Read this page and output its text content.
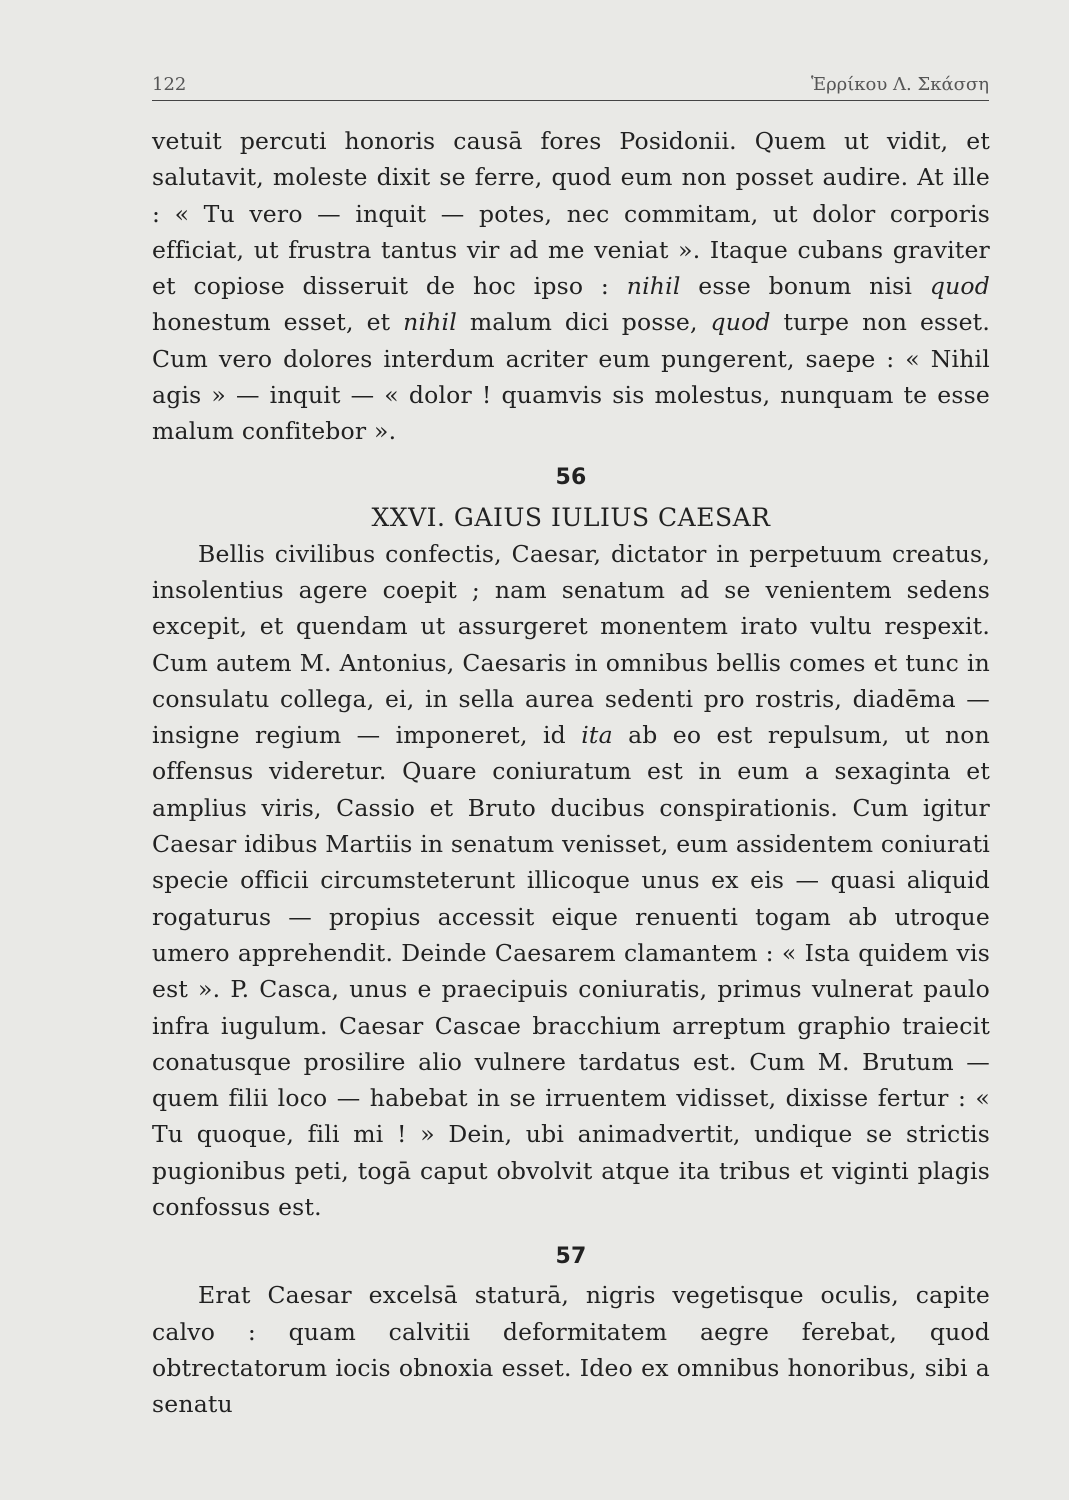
122	Ἑρρίκου Λ. Σκάσση

vetuit percuti honoris causā fores Posidonii. Quem ut vidit, et salutavit, moleste dixit se ferre, quod eum non posset audire. At ille : « Tu vero — inquit — potes, nec commitam, ut dolor corporis efficiat, ut frustra tantus vir ad me veniat ». Itaque cubans graviter et copiose disseruit de hoc ipso : nihil esse bonum nisi quod honestum esset, et nihil malum dici posse, quod turpe non esset. Cum vero dolores interdum acriter eum pungerent, saepe : « Nihil agis » — inquit — « dolor ! quamvis sis molestus, nunquam te esse malum confitebor ».

56
XXVI. GAIUS IULIUS CAESAR

Bellis civilibus confectis, Caesar, dictator in perpetuum creatus, insolentius agere coepit ; nam senatum ad se venientem sedens excepit, et quendam ut assurgeret monentem irato vultu respexit. Cum autem M. Antonius, Caesaris in omnibus bellis comes et tunc in consulatu collega, ei, in sella aurea sedenti pro rostris, diadēma — insigne regium — imponeret, id ita ab eo est repulsum, ut non offensus videretur. Quare coniuratum est in eum a sexaginta et amplius viris, Cassio et Bruto ducibus conspirationis. Cum igitur Caesar idibus Martiis in senatum venisset, eum assidentem coniurati specie officii circumsteterunt illicoque unus ex eis — quasi aliquid rogaturus — propius accessit eique renuenti togam ab utroque umero apprehendit. Deinde Caesarem clamantem : « Ista quidem vis est ». P. Casca, unus e praecipuis coniuratis, primus vulnerat paulo infra iugulum. Caesar Cascae bracchium arreptum graphio traiecit conatusque prosilire alio vulnere tardatus est. Cum M. Brutum — quem filii loco — habebat in se irruentem vidisset, dixisse fertur : « Tu quoque, fili mi ! » Dein, ubi animadvertit, undique se strictis pugionibus peti, togā caput obvolvit atque ita tribus et viginti plagis confossus est.

57

Erat Caesar excelsā staturā, nigris vegetisque oculis, capite calvo : quam calvitii deformitatem aegre ferebat, quod obtrectatorum iocis obnoxia esset. Ideo ex omnibus honoribus, sibi a senatu
